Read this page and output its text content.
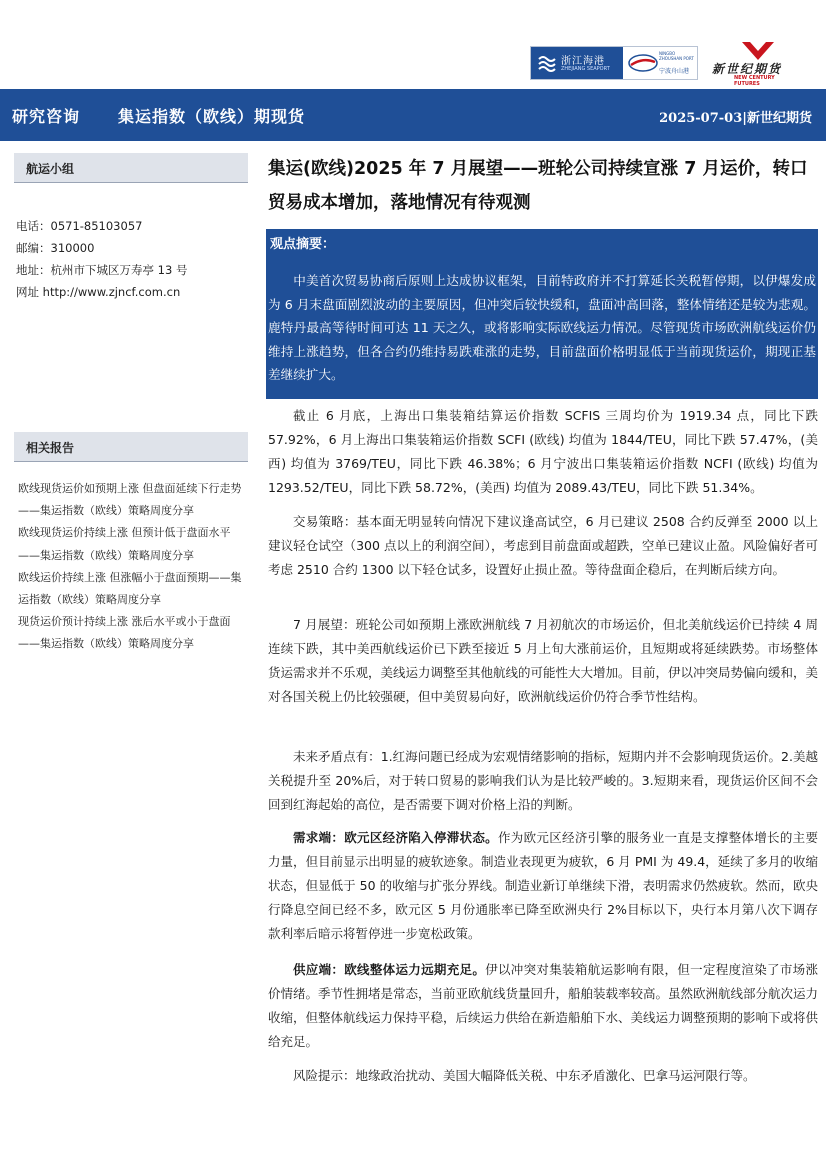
浙江海港
ZHEJIANG SEAPORT
NINGBO ZHOUSHAN PORT
宁波舟山港 新世纪期货
NEW CENTURY FUTURES
研究咨询 集运指数（欧线）期现货	2025-07-03|新世纪期货
航运小组
电话：0571-85103057
邮编：310000
地址：杭州市下城区万寿亭 13 号
网址 http://www.zjncf.com.cn
相关报告
欧线现货运价如预期上涨 但盘面延续下行走势——集运指数（欧线）策略周度分享
欧线现货运价持续上涨 但预计低于盘面水平——集运指数（欧线）策略周度分享
欧线运价持续上涨 但涨幅小于盘面预期——集运指数（欧线）策略周度分享
现货运价预计持续上涨 涨后水平或小于盘面——集运指数（欧线）策略周度分享
集运(欧线)2025 年 7 月展望——班轮公司持续宣涨 7 月运价，转口贸易成本增加，落地情况有待观测
观点摘要：
中美首次贸易协商后原则上达成协议框架，目前特政府并不打算延长关税暂停期，以伊爆发成为 6 月末盘面剧烈波动的主要原因，但冲突后较快缓和，盘面冲高回落，整体情绪还是较为悲观。鹿特丹最高等待时间可达 11 天之久，或将影响实际欧线运力情况。尽管现货市场欧洲航线运价仍维持上涨趋势，但各合约仍维持易跌难涨的走势，目前盘面价格明显低于当前现货运价，期现正基差继续扩大。
截止 6 月底，上海出口集装箱结算运价指数 SCFIS 三周均价为 1919.34 点，同比下跌 57.92%，6 月上海出口集装箱运价指数 SCFI (欧线) 均值为 1844/TEU，同比下跌 57.47%，(美西) 均值为 3769/TEU，同比下跌 46.38%；6 月宁波出口集装箱运价指数 NCFI (欧线) 均值为 1293.52/TEU，同比下跌 58.72%，(美西) 均值为 2089.43/TEU，同比下跌 51.34%。
交易策略：基本面无明显转向情况下建议逢高试空，6 月已建议 2508 合约反弹至 2000 以上建议轻仓试空（300 点以上的利润空间），考虑到目前盘面或超跌，空单已建议止盈。风险偏好者可考虑 2510 合约 1300 以下轻仓试多，设置好止损止盈。等待盘面企稳后，在判断后续方向。
7 月展望：班轮公司如预期上涨欧洲航线 7 月初航次的市场运价，但北美航线运价已持续 4 周连续下跌，其中美西航线运价已下跌至接近 5 月上旬大涨前运价，且短期或将延续跌势。市场整体货运需求并不乐观，美线运力调整至其他航线的可能性大大增加。目前，伊以冲突局势偏向缓和，美对各国关税上仍比较强硬，但中美贸易向好，欧洲航线运价仍符合季节性结构。
未来矛盾点有：1.红海问题已经成为宏观情绪影响的指标，短期内并不会影响现货运价。2.美越关税提升至 20%后，对于转口贸易的影响我们认为是比较严峻的。3.短期来看，现货运价区间不会回到红海起始的高位，是否需要下调对价格上沿的判断。
需求端：欧元区经济陷入停滞状态。作为欧元区经济引擎的服务业一直是支撑整体增长的主要力量，但目前显示出明显的疲软迹象。制造业表现更为疲软，6 月 PMI 为 49.4，延续了多月的收缩状态，但显低于 50 的收缩与扩张分界线。制造业新订单继续下滑，表明需求仍然疲软。然而，欧央行降息空间已经不多，欧元区 5 月份通胀率已降至欧洲央行 2%目标以下，央行本月第八次下调存款利率后暗示将暂停进一步宽松政策。
供应端：欧线整体运力远期充足。伊以冲突对集装箱航运影响有限，但一定程度渲染了市场涨价情绪。季节性拥堵是常态，当前亚欧航线货量回升，船舶装载率较高。虽然欧洲航线部分航次运力收缩，但整体航线运力保持平稳，后续运力供给在新造船舶下水、美线运力调整预期的影响下或将供给充足。
风险提示：地缘政治扰动、美国大幅降低关税、中东矛盾激化、巴拿马运河限行等。
